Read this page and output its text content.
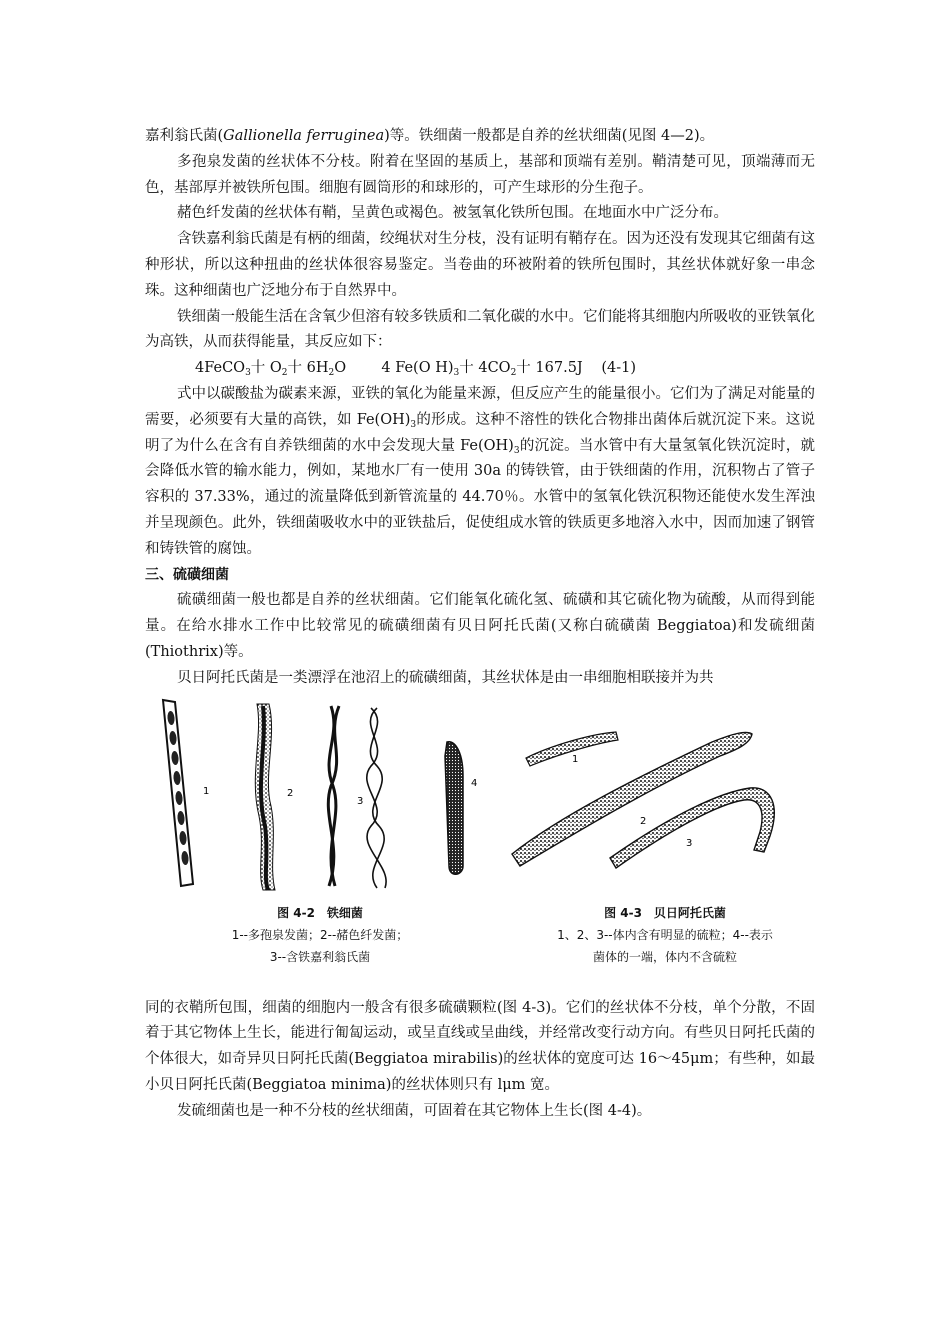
嘉利翁氏菌(Gallionella ferruginea)等。铁细菌一般都是自养的丝状细菌(见图 4—2)。

多孢泉发菌的丝状体不分枝。附着在坚固的基质上，基部和顶端有差别。鞘清楚可见，顶端薄而无色，基部厚并被铁所包围。细胞有圆筒形的和球形的，可产生球形的分生孢子。

赭色纤发菌的丝状体有鞘，呈黄色或褐色。被氢氧化铁所包围。在地面水中广泛分布。

含铁嘉利翁氏菌是有柄的细菌，绞绳状对生分枝，没有证明有鞘存在。因为还没有发现其它细菌有这种形状，所以这种扭曲的丝状体很容易鉴定。当卷曲的环被附着的铁所包围时，其丝状体就好象一串念珠。这种细菌也广泛地分布于自然界中。

铁细菌一般能生活在含氧少但溶有较多铁质和二氧化碳的水中。它们能将其细胞内所吸收的亚铁氧化为高铁，从而获得能量，其反应如下：

4FeCO$_3$十 $O_2$十 $6H_2O$ 4 Fe(O $H)_3$十 $4CO_2$十 167.5J (4-1)

式中以碳酸盐为碳素来源，亚铁的氧化为能量来源，但反应产生的能量很小。它们为了满足对能量的需要，必须要有大量的高铁，如 $Fe(OH)_3$的形成。这种不溶性的铁化合物排出菌体后就沉淀下来。这说明了为什么在含有自养铁细菌的水中会发现大量 $Fe(OH)_3$的沉淀。当水管中有大量氢氧化铁沉淀时，就会降低水管的输水能力，例如，某地水厂有一使用 30a 的铸铁管，由于铁细菌的作用，沉积物占了管子容积的 37.33%，通过的流量降低到新管流量的 44.70％。水管中的氢氧化铁沉积物还能使水发生浑浊并呈现颜色。此外，铁细菌吸收水中的亚铁盐后，促使组成水管的铁质更多地溶入水中，因而加速了钢管和铸铁管的腐蚀。

三、硫磺细菌

硫磺细菌一般也都是自养的丝状细菌。它们能氧化硫化氢、硫磺和其它硫化物为硫酸，从而得到能量。在给水排水工作中比较常见的硫磺细菌有贝日阿托氏菌(又称白硫磺菌 Beggiatoa)和发硫细菌(Thiothrix)等。

贝日阿托氏菌是一类漂浮在池沼上的硫磺细菌，其丝状体是由一串细胞相联接并为共

1	2
3
4
图 4-2　铁细菌
1--多孢泉发菌；2--赭色纤发菌；
3--含铁嘉利翁氏菌
1
2
3
图 4-3　贝日阿托氏菌
1、2、3--体内含有明显的硫粒；4--表示
菌体的一端，体内不含硫粒

同的衣鞘所包围，细菌的细胞内一般含有很多硫磺颗粒(图 4-3)。它们的丝状体不分枝，单个分散，不固着于其它物体上生长，能进行匍匐运动，或呈直线或呈曲线，并经常改变行动方向。有些贝日阿托氏菌的个体很大，如奇异贝日阿托氏菌(Beggiatoa mirabilis)的丝状体的宽度可达 16～45μm；有些种，如最小贝日阿托氏菌(Beggiatoa minima)的丝状体则只有 lμm 宽。

发硫细菌也是一种不分枝的丝状细菌，可固着在其它物体上生长(图 4-4)。
